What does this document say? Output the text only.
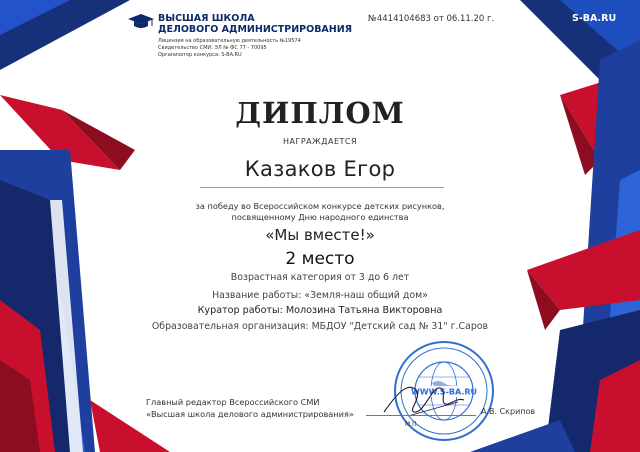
ВЫСШАЯ ШКОЛА
ДЕЛОВОГО АДМИНИСТРИРОВАНИЯ
Лицензия на образовательную деятельность №19574
Свидетельство СМИ: ЭЛ № ФС 77 - 70095
Организатор конкурса: S-BA.RU
№4414104683 от 06.11.20 г.	S-BA.RU
ДИПЛОМ
НАГРАЖДАЕТСЯ
Казаков Егор
за победу во Всероссийском конкурсе детских рисунков,
посвященному Дню народного единства
«Мы вместе!»
2 место
Возрастная категория от 3 до 6 лет
Название работы: «Земля-наш общий дом»
Куратор работы: Молозина Татьяна Викторовна
Образовательная организация: МБДОУ "Детский сад № 31" г.Саров
Главный редактор Всероссийского СМИ
«Высшая школа делового администрирования»
WWW.S-BA.RU
М.П.
А.В. Скрипов
